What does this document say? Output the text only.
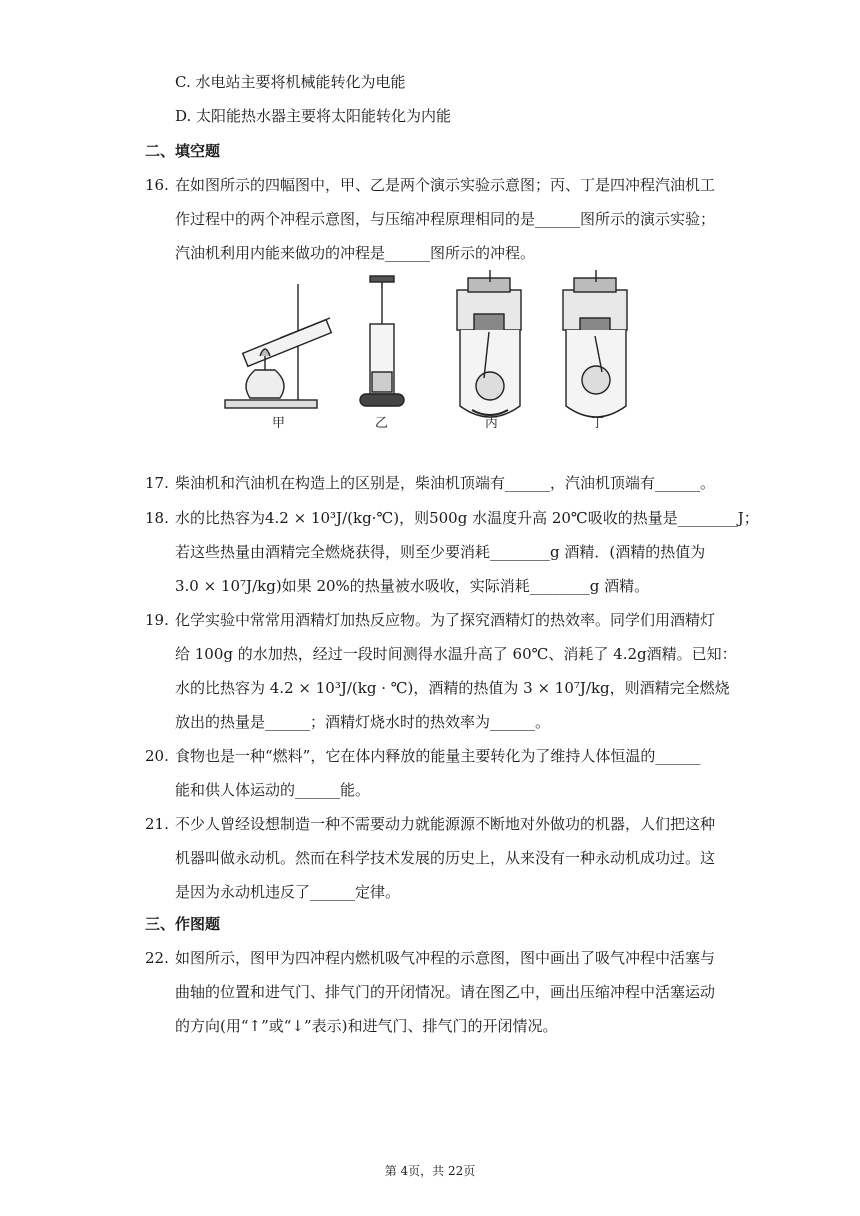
C. 水电站主要将机械能转化为电能
D. 太阳能热水器主要将太阳能转化为内能
二、填空题
16. 在如图所示的四幅图中，甲、乙是两个演示实验示意图；丙、丁是四冲程汽油机工
作过程中的两个冲程示意图，与压缩冲程原理相同的是______图所示的演示实验；
汽油机利用内能来做功的冲程是______图所示的冲程。
甲	乙	丙	丁
17. 柴油机和汽油机在构造上的区别是，柴油机顶端有______，汽油机顶端有______。
18. 水的比热容为4.2 × 10³J/(kg·℃)，则500g 水温度升高 20℃吸收的热量是________J；
若这些热量由酒精完全燃烧获得，则至少要消耗________g 酒精．(酒精的热值为
3.0 × 10⁷J/kg)如果 20%的热量被水吸收，实际消耗________g 酒精。
19. 化学实验中常常用酒精灯加热反应物。为了探究酒精灯的热效率。同学们用酒精灯
给 100g 的水加热，经过一段时间测得水温升高了 60℃、消耗了 4.2g酒精。已知：
水的比热容为 4.2 × 10³J/(kg · ℃)，酒精的热值为 3 × 10⁷J/kg，则酒精完全燃烧
放出的热量是______；酒精灯烧水时的热效率为______。
20. 食物也是一种“燃料”，它在体内释放的能量主要转化为了维持人体恒温的______
能和供人体运动的______能。
21. 不少人曾经设想制造一种不需要动力就能源源不断地对外做功的机器，人们把这种
机器叫做永动机。然而在科学技术发展的历史上，从来没有一种永动机成功过。这
是因为永动机违反了______定律。
三、作图题
22. 如图所示，图甲为四冲程内燃机吸气冲程的示意图，图中画出了吸气冲程中活塞与
曲轴的位置和进气门、排气门的开闭情况。请在图乙中，画出压缩冲程中活塞运动
的方向(用“↑”或“↓”表示)和进气门、排气门的开闭情况。
第 4页，共 22页
